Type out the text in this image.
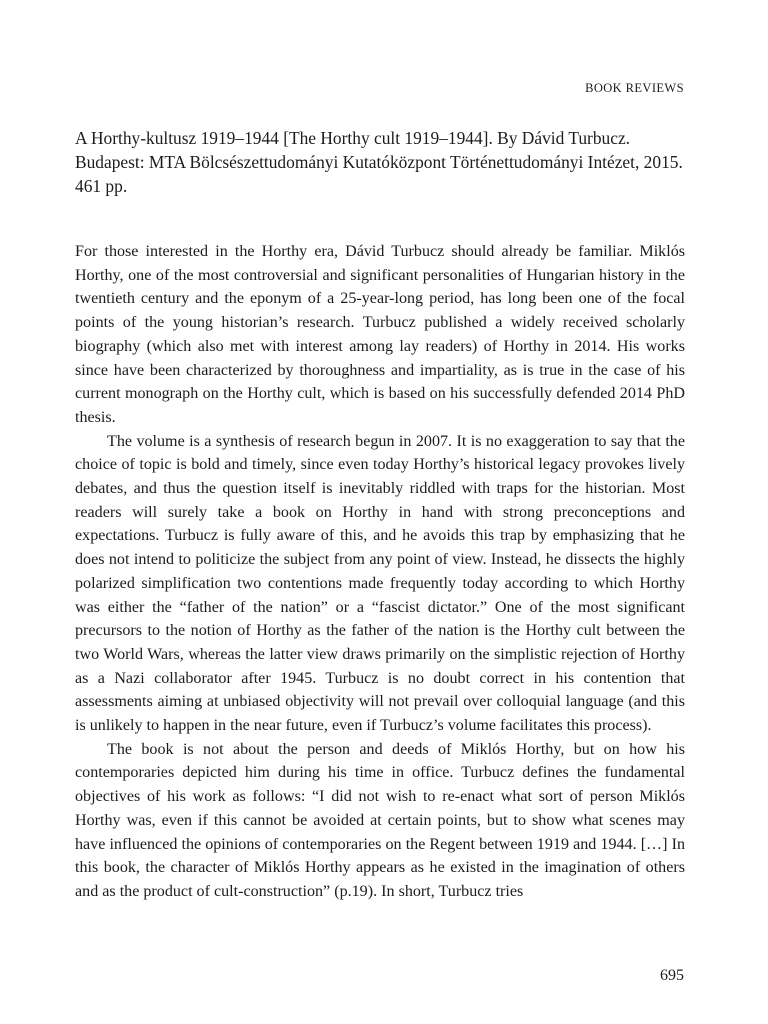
BOOK REVIEWS
A Horthy-kultusz 1919–1944 [The Horthy cult 1919–1944]. By Dávid Turbucz. Budapest: MTA Bölcsészettudományi Kutatóközpont Történettudományi Intézet, 2015. 461 pp.

For those interested in the Horthy era, Dávid Turbucz should already be familiar. Miklós Horthy, one of the most controversial and significant personalities of Hungarian history in the twentieth century and the eponym of a 25-year-long period, has long been one of the focal points of the young historian’s research. Turbucz published a widely received scholarly biography (which also met with interest among lay readers) of Horthy in 2014. His works since have been characterized by thoroughness and impartiality, as is true in the case of his current monograph on the Horthy cult, which is based on his successfully defended 2014 PhD thesis.

The volume is a synthesis of research begun in 2007. It is no exaggeration to say that the choice of topic is bold and timely, since even today Horthy’s historical legacy provokes lively debates, and thus the question itself is inevitably riddled with traps for the historian. Most readers will surely take a book on Horthy in hand with strong preconceptions and expectations. Turbucz is fully aware of this, and he avoids this trap by emphasizing that he does not intend to politicize the subject from any point of view. Instead, he dissects the highly polarized simplification two contentions made frequently today according to which Horthy was either the “father of the nation” or a “fascist dictator.” One of the most significant precursors to the notion of Horthy as the father of the nation is the Horthy cult between the two World Wars, whereas the latter view draws primarily on the simplistic rejection of Horthy as a Nazi collaborator after 1945. Turbucz is no doubt correct in his contention that assessments aiming at unbiased objectivity will not prevail over colloquial language (and this is unlikely to happen in the near future, even if Turbucz’s volume facilitates this process).

The book is not about the person and deeds of Miklós Horthy, but on how his contemporaries depicted him during his time in office. Turbucz defines the fundamental objectives of his work as follows: “I did not wish to re-enact what sort of person Miklós Horthy was, even if this cannot be avoided at certain points, but to show what scenes may have influenced the opinions of contemporaries on the Regent between 1919 and 1944. […] In this book, the character of Miklós Horthy appears as he existed in the imagination of others and as the product of cult-construction” (p.19). In short, Turbucz tries

695
